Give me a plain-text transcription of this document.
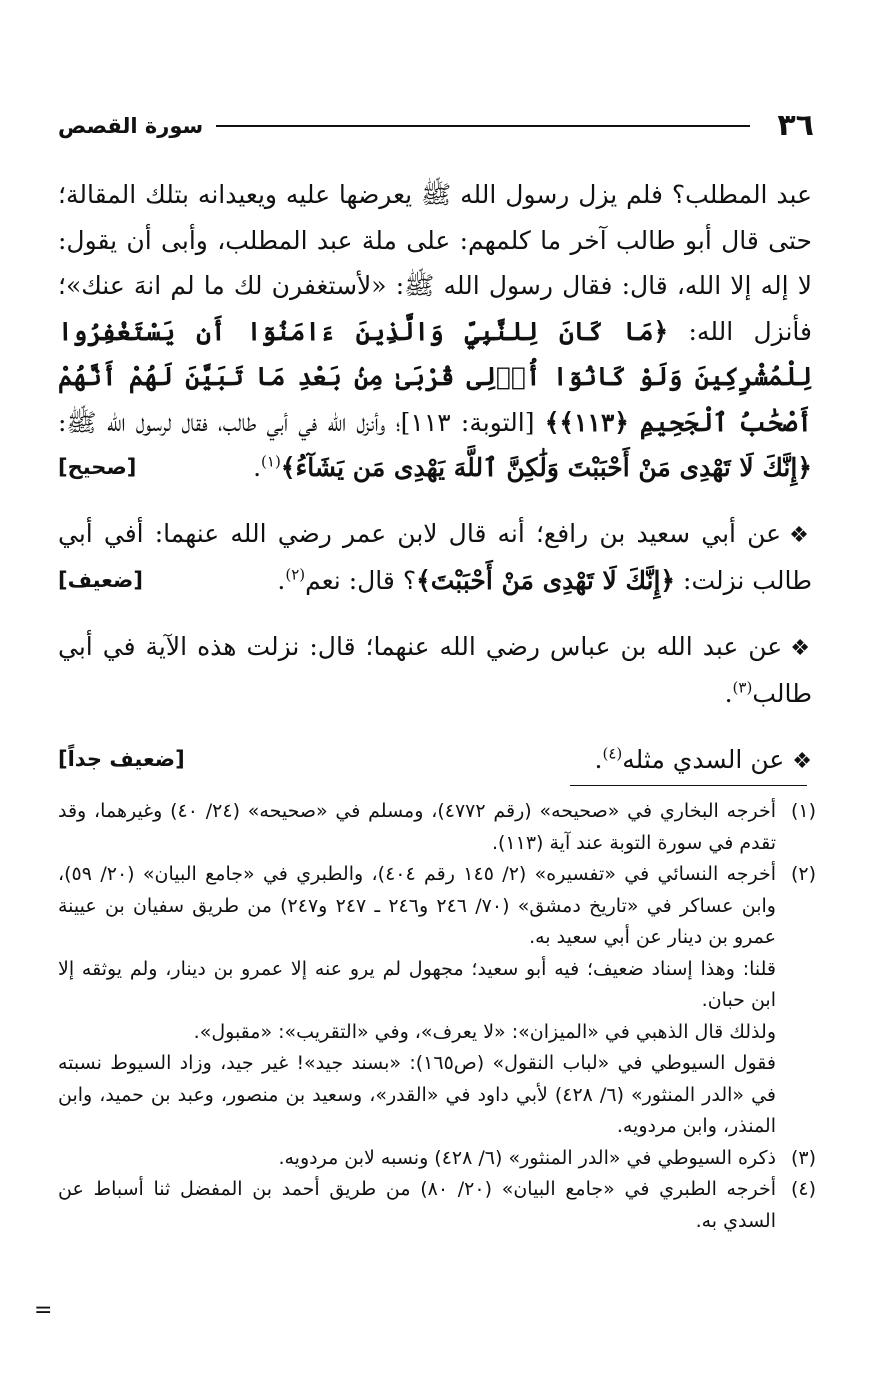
٣٦
سورة القصص

عبد المطلب؟ فلم يزل رسول الله ﷺ يعرضها عليه ويعيدانه بتلك المقالة؛ حتى قال أبو طالب آخر ما كلمهم: على ملة عبد المطلب، وأبى أن يقول: لا إله إلا الله، قال: فقال رسول الله ﷺ: «لأستغفرن لك ما لم انهَ عنك»؛ فأنزل الله: ﴿مَا كَانَ لِلنَّبِيِّ وَالَّذِينَ ءَامَنُوٓا أَن يَسْتَغْفِرُوا لِلْمُشْرِكِينَ وَلَوْ كَانُوٓا أُو۟لِى قُرْبَىٰ مِنۢ بَعْدِ مَا تَبَيَّنَ لَهُمْ أَنَّهُمْ أَصْحَٰبُ ٱلْجَحِيمِ ﴿١١٣﴾﴾ [التوبة: ١١٣]؛ وأنزل الله في أبي طالب، فقال لرسول الله ﷺ: ﴿إِنَّكَ لَا تَهْدِى مَنْ أَحْبَبْتَ وَلَٰكِنَّ ٱللَّهَ يَهْدِى مَن يَشَآءُ﴾$^{(١)}$.
[صحيح]

❖عن أبي سعيد بن رافع؛ أنه قال لابن عمر رضي الله عنهما: أفي أبي طالب نزلت: ﴿إِنَّكَ لَا تَهْدِى مَنْ أَحْبَبْتَ﴾؟ قال: نعم$^{(٢)}$.
[ضعيف]

❖عن عبد الله بن عباس رضي الله عنهما؛ قال: نزلت هذه الآية في أبي طالب$^{(٣)}$.

❖عن السدي مثله$^{(٤)}$.
[ضعيف جداً]

(١)
أخرجه البخاري في «صحيحه» (رقم ٤٧٧٢)، ومسلم في «صحيحه» (٢٤/ ٤٠) وغيرهما، وقد تقدم في سورة التوبة عند آية (١١٣).

(٢)
أخرجه النسائي في «تفسيره» (٢/ ١٤٥ رقم ٤٠٤)، والطبري في «جامع البيان» (٢٠/ ٥٩)، وابن عساكر في «تاريخ دمشق» (٧٠/ ٢٤٦ و٢٤٦ ـ ٢٤٧ و٢٤٧) من طريق سفيان بن عيينة عمرو بن دينار عن أبي سعيد به.
قلنا: وهذا إسناد ضعيف؛ فيه أبو سعيد؛ مجهول لم يرو عنه إلا عمرو بن دينار، ولم يوثقه إلا ابن حبان.
ولذلك قال الذهبي في «الميزان»: «لا يعرف»، وفي «التقريب»: «مقبول».
فقول السيوطي في «لباب النقول» (ص١٦٥): «بسند جيد»! غير جيد، وزاد السيوط نسبته في «الدر المنثور» (٦/ ٤٢٨) لأبي داود في «القدر»، وسعيد بن منصور، وعبد بن حميد، وابن المنذر، وابن مردويه.

(٣)
ذكره السيوطي في «الدر المنثور» (٦/ ٤٢٨) ونسبه لابن مردويه.

(٤)
أخرجه الطبري في «جامع البيان» (٢٠/ ٨٠) من طريق أحمد بن المفضل ثنا أسباط عن السدي به.

=
